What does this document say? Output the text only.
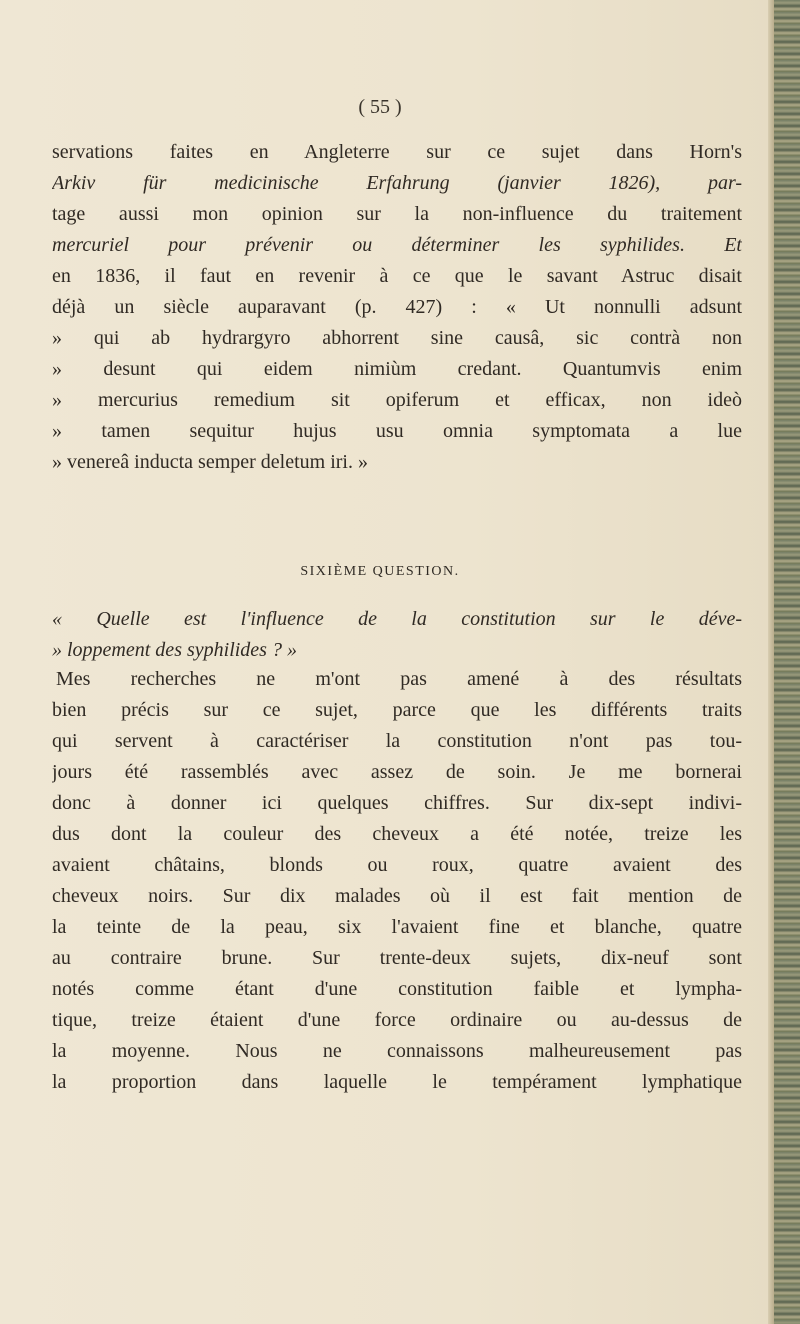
( 55 )
servations faites en Angleterre sur ce sujet dans Horn's
Arkiv für medicinische Erfahrung (janvier 1826), par-
tage aussi mon opinion sur la non-influence du traitement
mercuriel pour prévenir ou déterminer les syphilides. Et
en 1836, il faut en revenir à ce que le savant Astruc disait
déjà un siècle auparavant (p. 427) : « Ut nonnulli adsunt
» qui ab hydrargyro abhorrent sine causâ, sic contrà non
» desunt qui eidem nimiùm credant. Quantumvis enim
» mercurius remedium sit opiferum et efficax, non ideò
» tamen sequitur hujus usu omnia symptomata a lue
» venereâ inducta semper deletum iri. »
SIXIÈME QUESTION.
« Quelle est l'influence de la constitution sur le déve-
» loppement des syphilides ? »
Mes recherches ne m'ont pas amené à des résultats
bien précis sur ce sujet, parce que les différents traits
qui servent à caractériser la constitution n'ont pas tou-
jours été rassemblés avec assez de soin. Je me bornerai
donc à donner ici quelques chiffres. Sur dix-sept indivi-
dus dont la couleur des cheveux a été notée, treize les
avaient châtains, blonds ou roux, quatre avaient des
cheveux noirs. Sur dix malades où il est fait mention de
la teinte de la peau, six l'avaient fine et blanche, quatre
au contraire brune. Sur trente-deux sujets, dix-neuf sont
notés comme étant d'une constitution faible et lympha-
tique, treize étaient d'une force ordinaire ou au-dessus de
la moyenne. Nous ne connaissons malheureusement pas
la proportion dans laquelle le tempérament lymphatique
